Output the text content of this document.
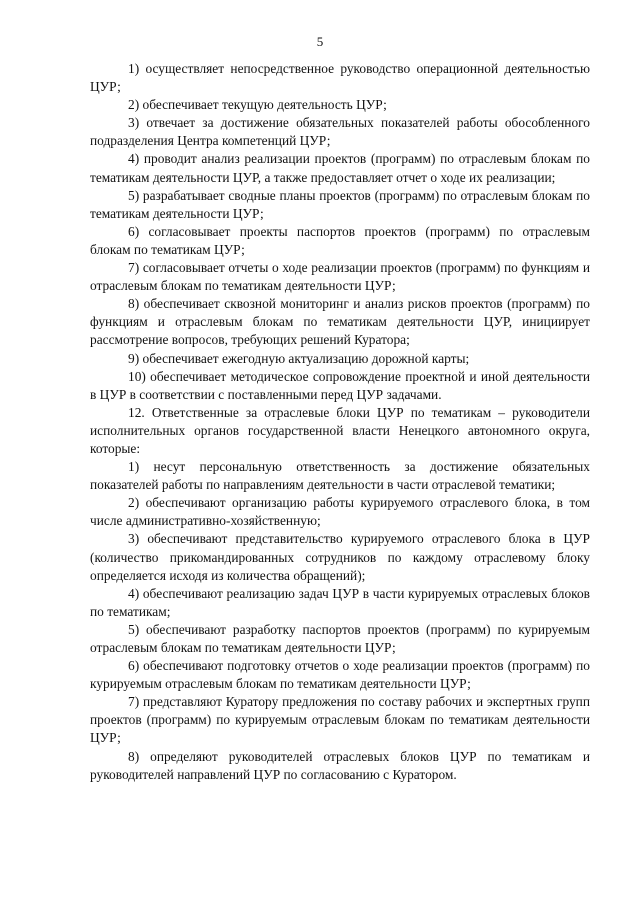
5

1) осуществляет непосредственное руководство операционной деятельностью ЦУР;

2) обеспечивает текущую деятельность ЦУР;

3) отвечает за достижение обязательных показателей работы обособленного подразделения Центра компетенций ЦУР;

4) проводит анализ реализации проектов (программ) по отраслевым блокам по тематикам деятельности ЦУР, а также предоставляет отчет о ходе их реализации;

5) разрабатывает сводные планы проектов (программ) по отраслевым блокам по тематикам деятельности ЦУР;

6) согласовывает проекты паспортов проектов (программ) по отраслевым блокам по тематикам ЦУР;

7) согласовывает отчеты о ходе реализации проектов (программ) по функциям и отраслевым блокам по тематикам деятельности ЦУР;

8) обеспечивает сквозной мониторинг и анализ рисков проектов (программ) по функциям и отраслевым блокам по тематикам деятельности ЦУР, инициирует рассмотрение вопросов, требующих решений Куратора;

9) обеспечивает ежегодную актуализацию дорожной карты;

10) обеспечивает методическое сопровождение проектной и иной деятельности в ЦУР в соответствии с поставленными перед ЦУР задачами.

12. Ответственные за отраслевые блоки ЦУР по тематикам – руководители исполнительных органов государственной власти Ненецкого автономного округа, которые:

1) несут персональную ответственность за достижение обязательных показателей работы по направлениям деятельности в части отраслевой тематики;

2) обеспечивают организацию работы курируемого отраслевого блока, в том числе административно-хозяйственную;

3) обеспечивают представительство курируемого отраслевого блока в ЦУР (количество прикомандированных сотрудников по каждому отраслевому блоку определяется исходя из количества обращений);

4) обеспечивают реализацию задач ЦУР в части курируемых отраслевых блоков по тематикам;

5) обеспечивают разработку паспортов проектов (программ) по курируемым отраслевым блокам по тематикам деятельности ЦУР;

6) обеспечивают подготовку отчетов о ходе реализации проектов (программ) по курируемым отраслевым блокам по тематикам деятельности ЦУР;

7) представляют Куратору предложения по составу рабочих и экспертных групп проектов (программ) по курируемым отраслевым блокам по тематикам деятельности ЦУР;

8) определяют руководителей отраслевых блоков ЦУР по тематикам и руководителей направлений ЦУР по согласованию с Куратором.
